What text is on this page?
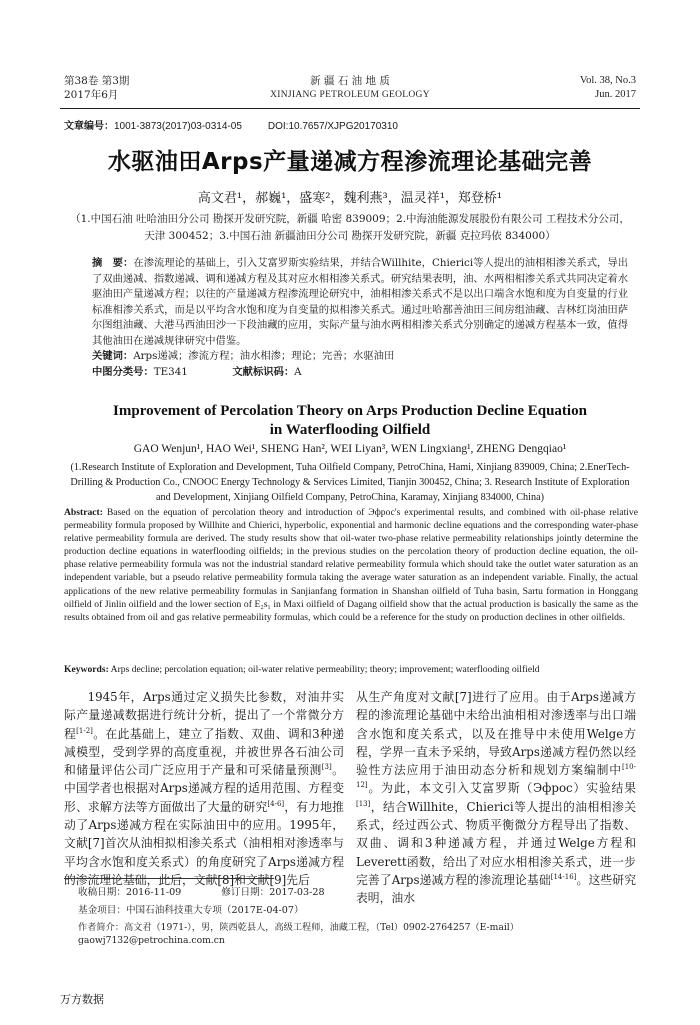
第38卷 第3期
2017年6月
新 疆 石 油 地 质
XINJIANG PETROLEUM GEOLOGY
Vol. 38, No.3
Jun. 2017
文章编号：1001-3873(2017)03-0314-05	DOI:10.7657/XJPG20170310
水驱油田Arps产量递减方程渗流理论基础完善
高文君¹，郝巍¹，盛寒²，魏利燕³，温灵祥¹，郑登桥¹
（1.中国石油 吐哈油田分公司 勘探开发研究院，新疆 哈密 839009；2.中海油能源发展股份有限公司 工程技术分公司，天津 300452；3.中国石油 新疆油田分公司 勘探开发研究院，新疆 克拉玛依 834000）
摘　要：在渗流理论的基础上，引入艾富罗斯实验结果，并结合Willhite，Chierici等人提出的油相相渗关系式，导出了双曲递减、指数递减、调和递减方程及其对应水相相渗关系式。研究结果表明，油、水两相相渗关系式共同决定着水驱油田产量递减方程；以往的产量递减方程渗流理论研究中，油相相渗关系式不是以出口端含水饱和度为自变量的行业标准相渗关系式，而是以平均含水饱和度为自变量的拟相渗关系式。通过吐哈鄯善油田三间房组油藏、吉林红岗油田萨尔图组油藏、大港马西油田沙一下段油藏的应用，实际产量与油水两相相渗关系式分别确定的递减方程基本一致，值得其他油田在递减规律研究中借鉴。
关键词：Arps递减；渗流方程；油水相渗；理论；完善；水驱油田
中图分类号：TE341	文献标识码：A
Improvement of Percolation Theory on Arps Production Decline Equation
in Waterflooding Oilfield
GAO Wenjun¹, HAO Wei¹, SHENG Han², WEI Liyan³, WEN Lingxiang¹, ZHENG Dengqiao¹
(1.Research Institute of Exploration and Development, Tuha Oilfield Company, PetroChina, Hami, Xinjiang 839009, China; 2.EnerTech-Drilling & Production Co., CNOOC Energy Technology & Services Limited, Tianjin 300452, China; 3. Research Institute of Exploration and Development, Xinjiang Oilfield Company, PetroChina, Karamay, Xinjiang 834000, China)
Abstract: Based on the equation of percolation theory and introduction of Эфрос's experimental results, and combined with oil-phase relative permeability formula proposed by Willhite and Chierici, hyperbolic, exponential and harmonic decline equations and the corresponding water-phase relative permeability formula are derived. The study results show that oil-water two-phase relative permeability relationships jointly determine the production decline equations in waterflooding oilfields; in the previous studies on the percolation theory of production decline equation, the oil-phase relative permeability formula was not the industrial standard relative permeability formula which should take the outlet water saturation as an independent variable, but a pseudo relative permeability formula taking the average water saturation as an independent variable. Finally, the actual applications of the new relative permeability formulas in Sanjianfang formation in Shanshan oilfield of Tuha basin, Sartu formation in Honggang oilfield of Jinlin oilfield and the lower section of E₂s₁ in Maxi oilfield of Dagang oilfield show that the actual production is basically the same as the results obtained from oil and gas relative permeability formulas, which could be a reference for the study on production declines in other oilfields.
Keywords: Arps decline; percolation equation; oil-water relative permeability; theory; improvement; waterflooding oilfield
1945年，Arps通过定义损失比参数，对油井实际产量递减数据进行统计分析，提出了一个常微分方程[1-2]。在此基础上，建立了指数、双曲、调和3种递减模型，受到学界的高度重视，并被世界各石油公司和储量评估公司广泛应用于产量和可采储量预测[3]。中国学者也根据对Arps递减方程的适用范围、方程变形、求解方法等方面做出了大量的研究[4-6]，有力地推动了Arps递减方程在实际油田中的应用。1995年，文献[7]首次从油相拟相渗关系式（油相相对渗透率与平均含水饱和度关系式）的角度研究了Arps递减方程的渗流理论基础，此后，文献[8]和文献[9]先后
从生产角度对文献[7]进行了应用。由于Arps递减方程的渗流理论基础中未给出油相相对渗透率与出口端含水饱和度关系式，以及在推导中未使用Welge方程，学界一直未予采纳，导致Arps递减方程仍然以经验性方法应用于油田动态分析和规划方案编制中[10-12]。为此，本文引入艾富罗斯（Эфрос）实验结果[13]，结合Willhite，Chierici等人提出的油相相渗关系式，经过西公式、物质平衡微分方程导出了指数、双曲、调和3种递减方程，并通过Welge方程和Leverett函数，给出了对应水相相渗关系式，进一步完善了Arps递减方程的渗流理论基础[14-16]。这些研究表明，油水
收稿日期：2016-11-09	修订日期：2017-03-28
基金项目：中国石油科技重大专项（2017E-04-07）
作者简介：高文君（1971-），男，陕西乾县人，高级工程师，油藏工程，（Tel）0902-2764257（E-mail）gaowj7132@petrochina.com.cn
万方数据
